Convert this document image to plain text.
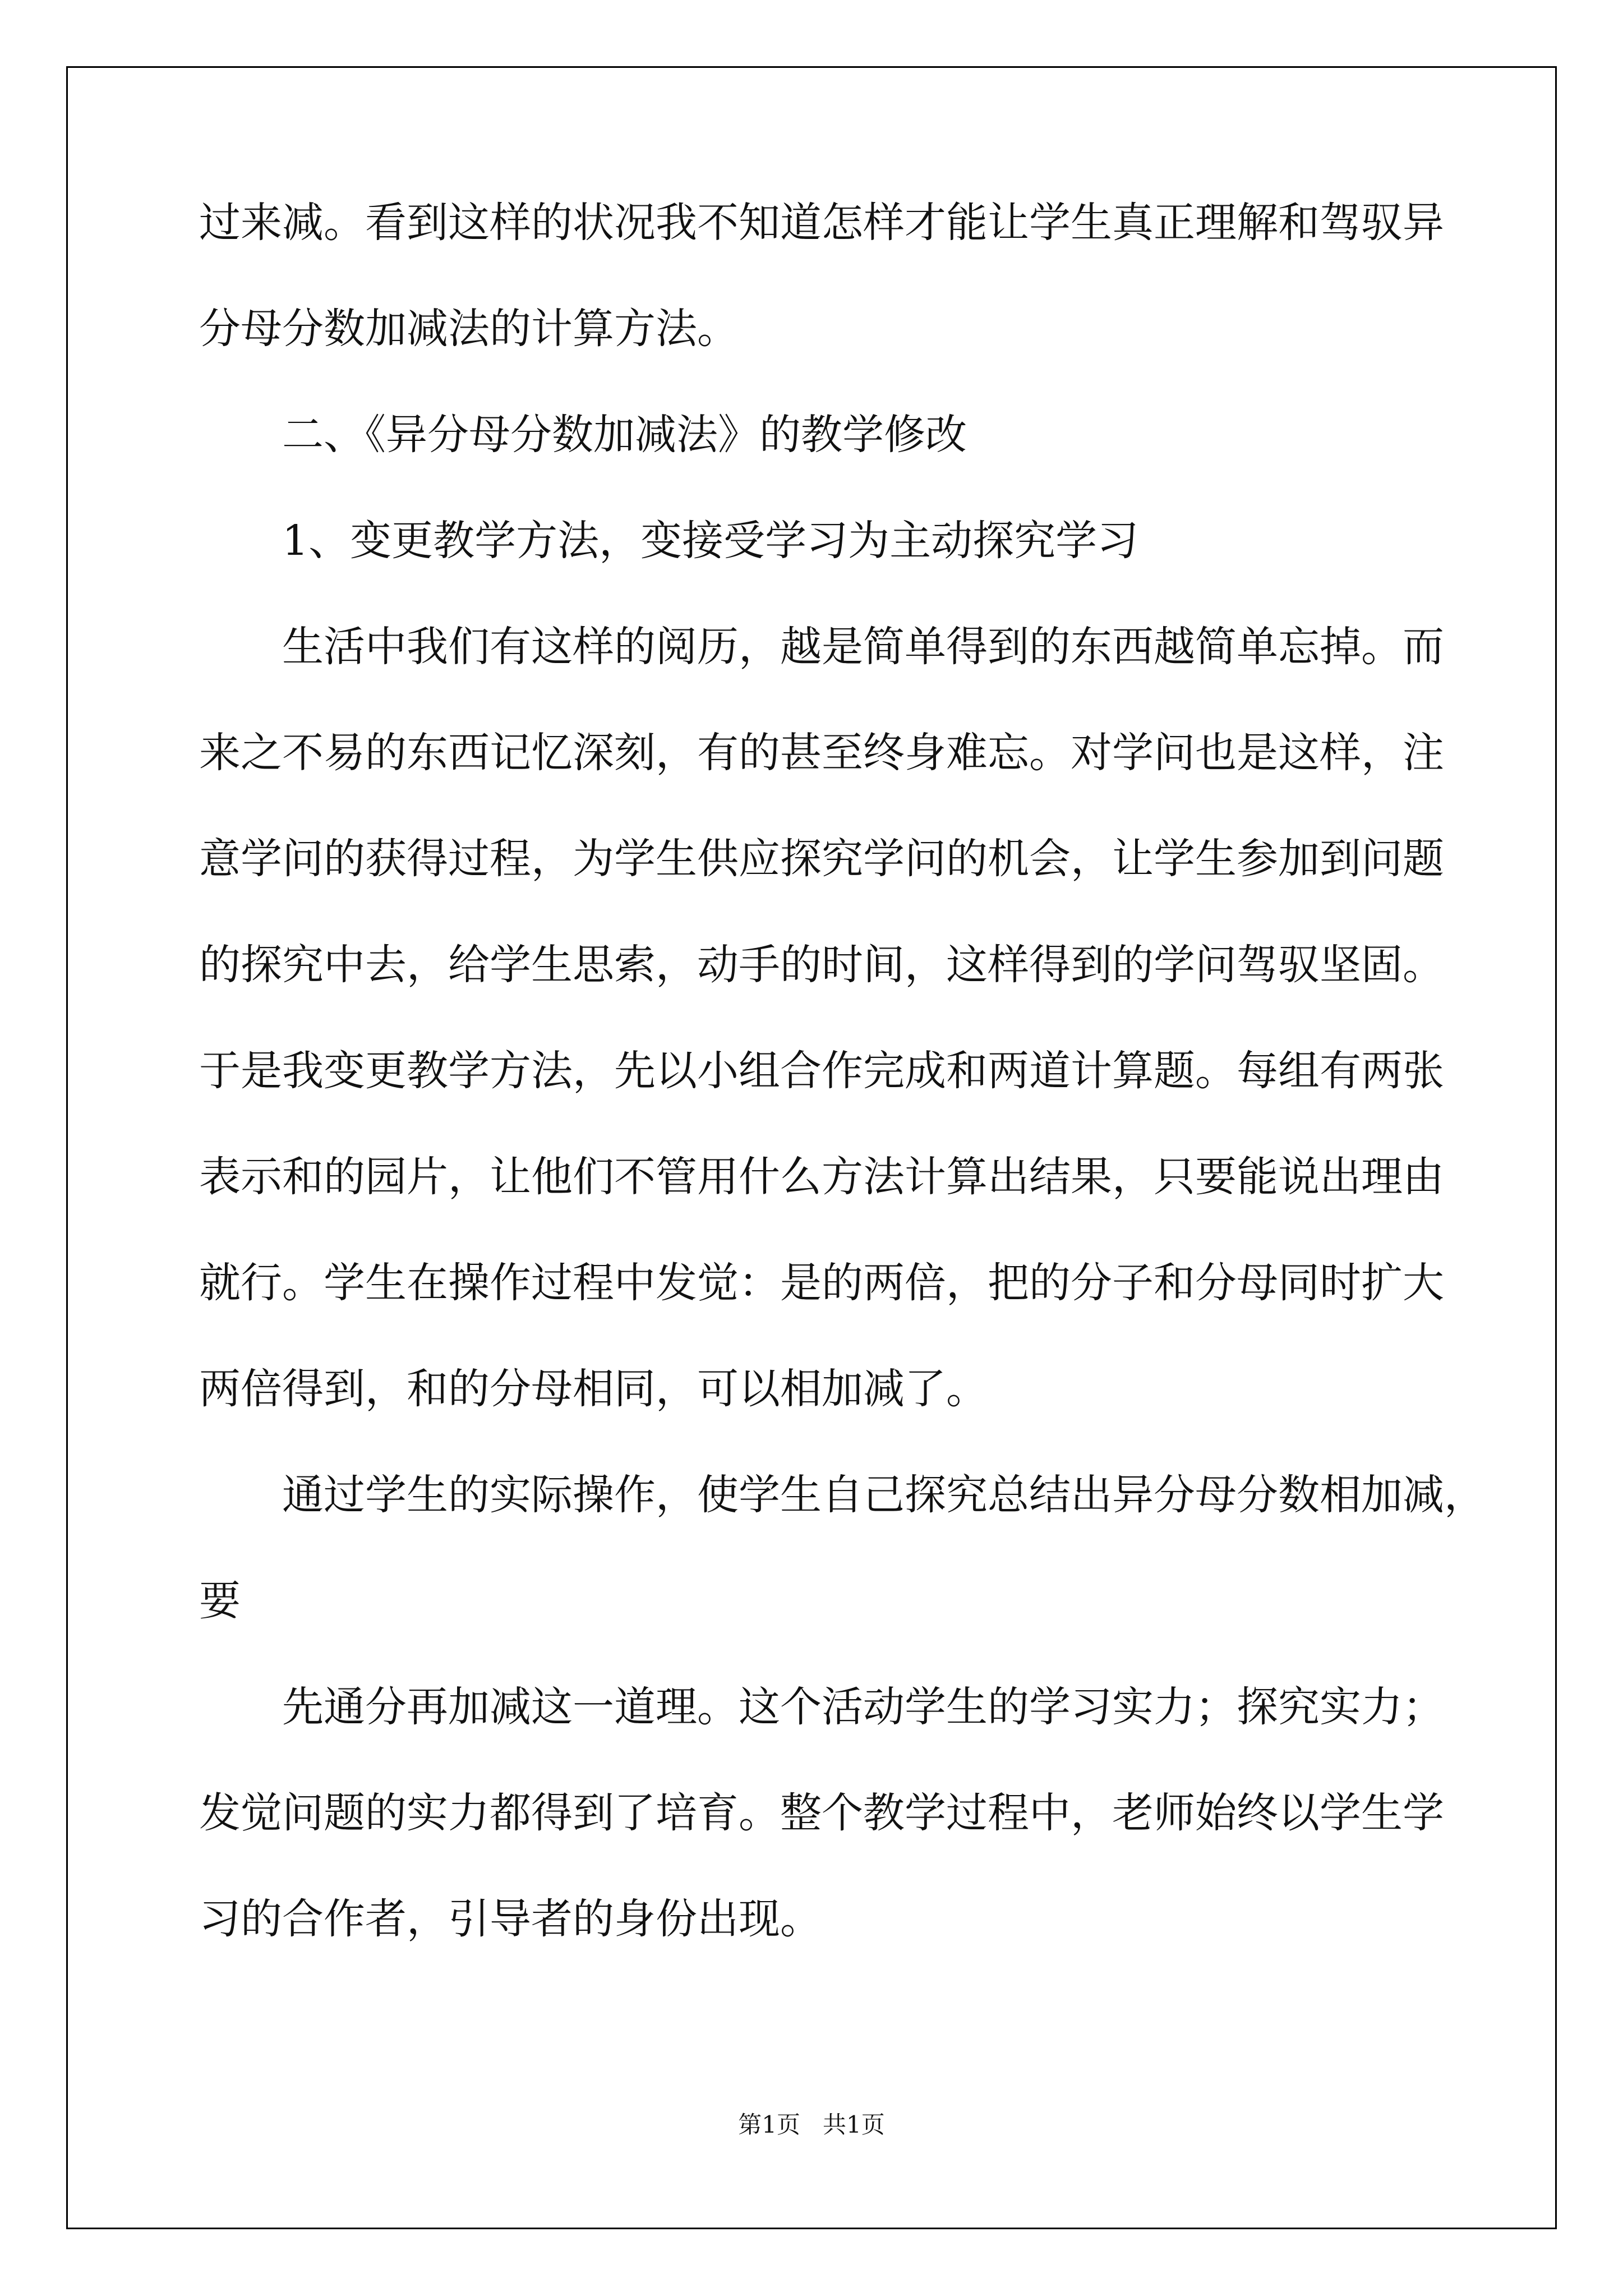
过来减。看到这样的状况我不知道怎样才能让学生真正理解和驾驭异
分母分数加减法的计算方法。
二、《异分母分数加减法》的教学修改
1、变更教学方法，变接受学习为主动探究学习
生活中我们有这样的阅历，越是简单得到的东西越简单忘掉。而
来之不易的东西记忆深刻，有的甚至终身难忘。对学问也是这样，注
意学问的获得过程，为学生供应探究学问的机会，让学生参加到问题
的探究中去，给学生思索，动手的时间，这样得到的学问驾驭坚固。
于是我变更教学方法，先以小组合作完成和两道计算题。每组有两张
表示和的园片，让他们不管用什么方法计算出结果，只要能说出理由
就行。学生在操作过程中发觉：是的两倍，把的分子和分母同时扩大
两倍得到，和的分母相同，可以相加减了。
通过学生的实际操作，使学生自己探究总结出异分母分数相加减，
要
先通分再加减这一道理。这个活动学生的学习实力；探究实力；
发觉问题的实力都得到了培育。整个教学过程中，老师始终以学生学
习的合作者，引导者的身份出现。
第1页   共1页
